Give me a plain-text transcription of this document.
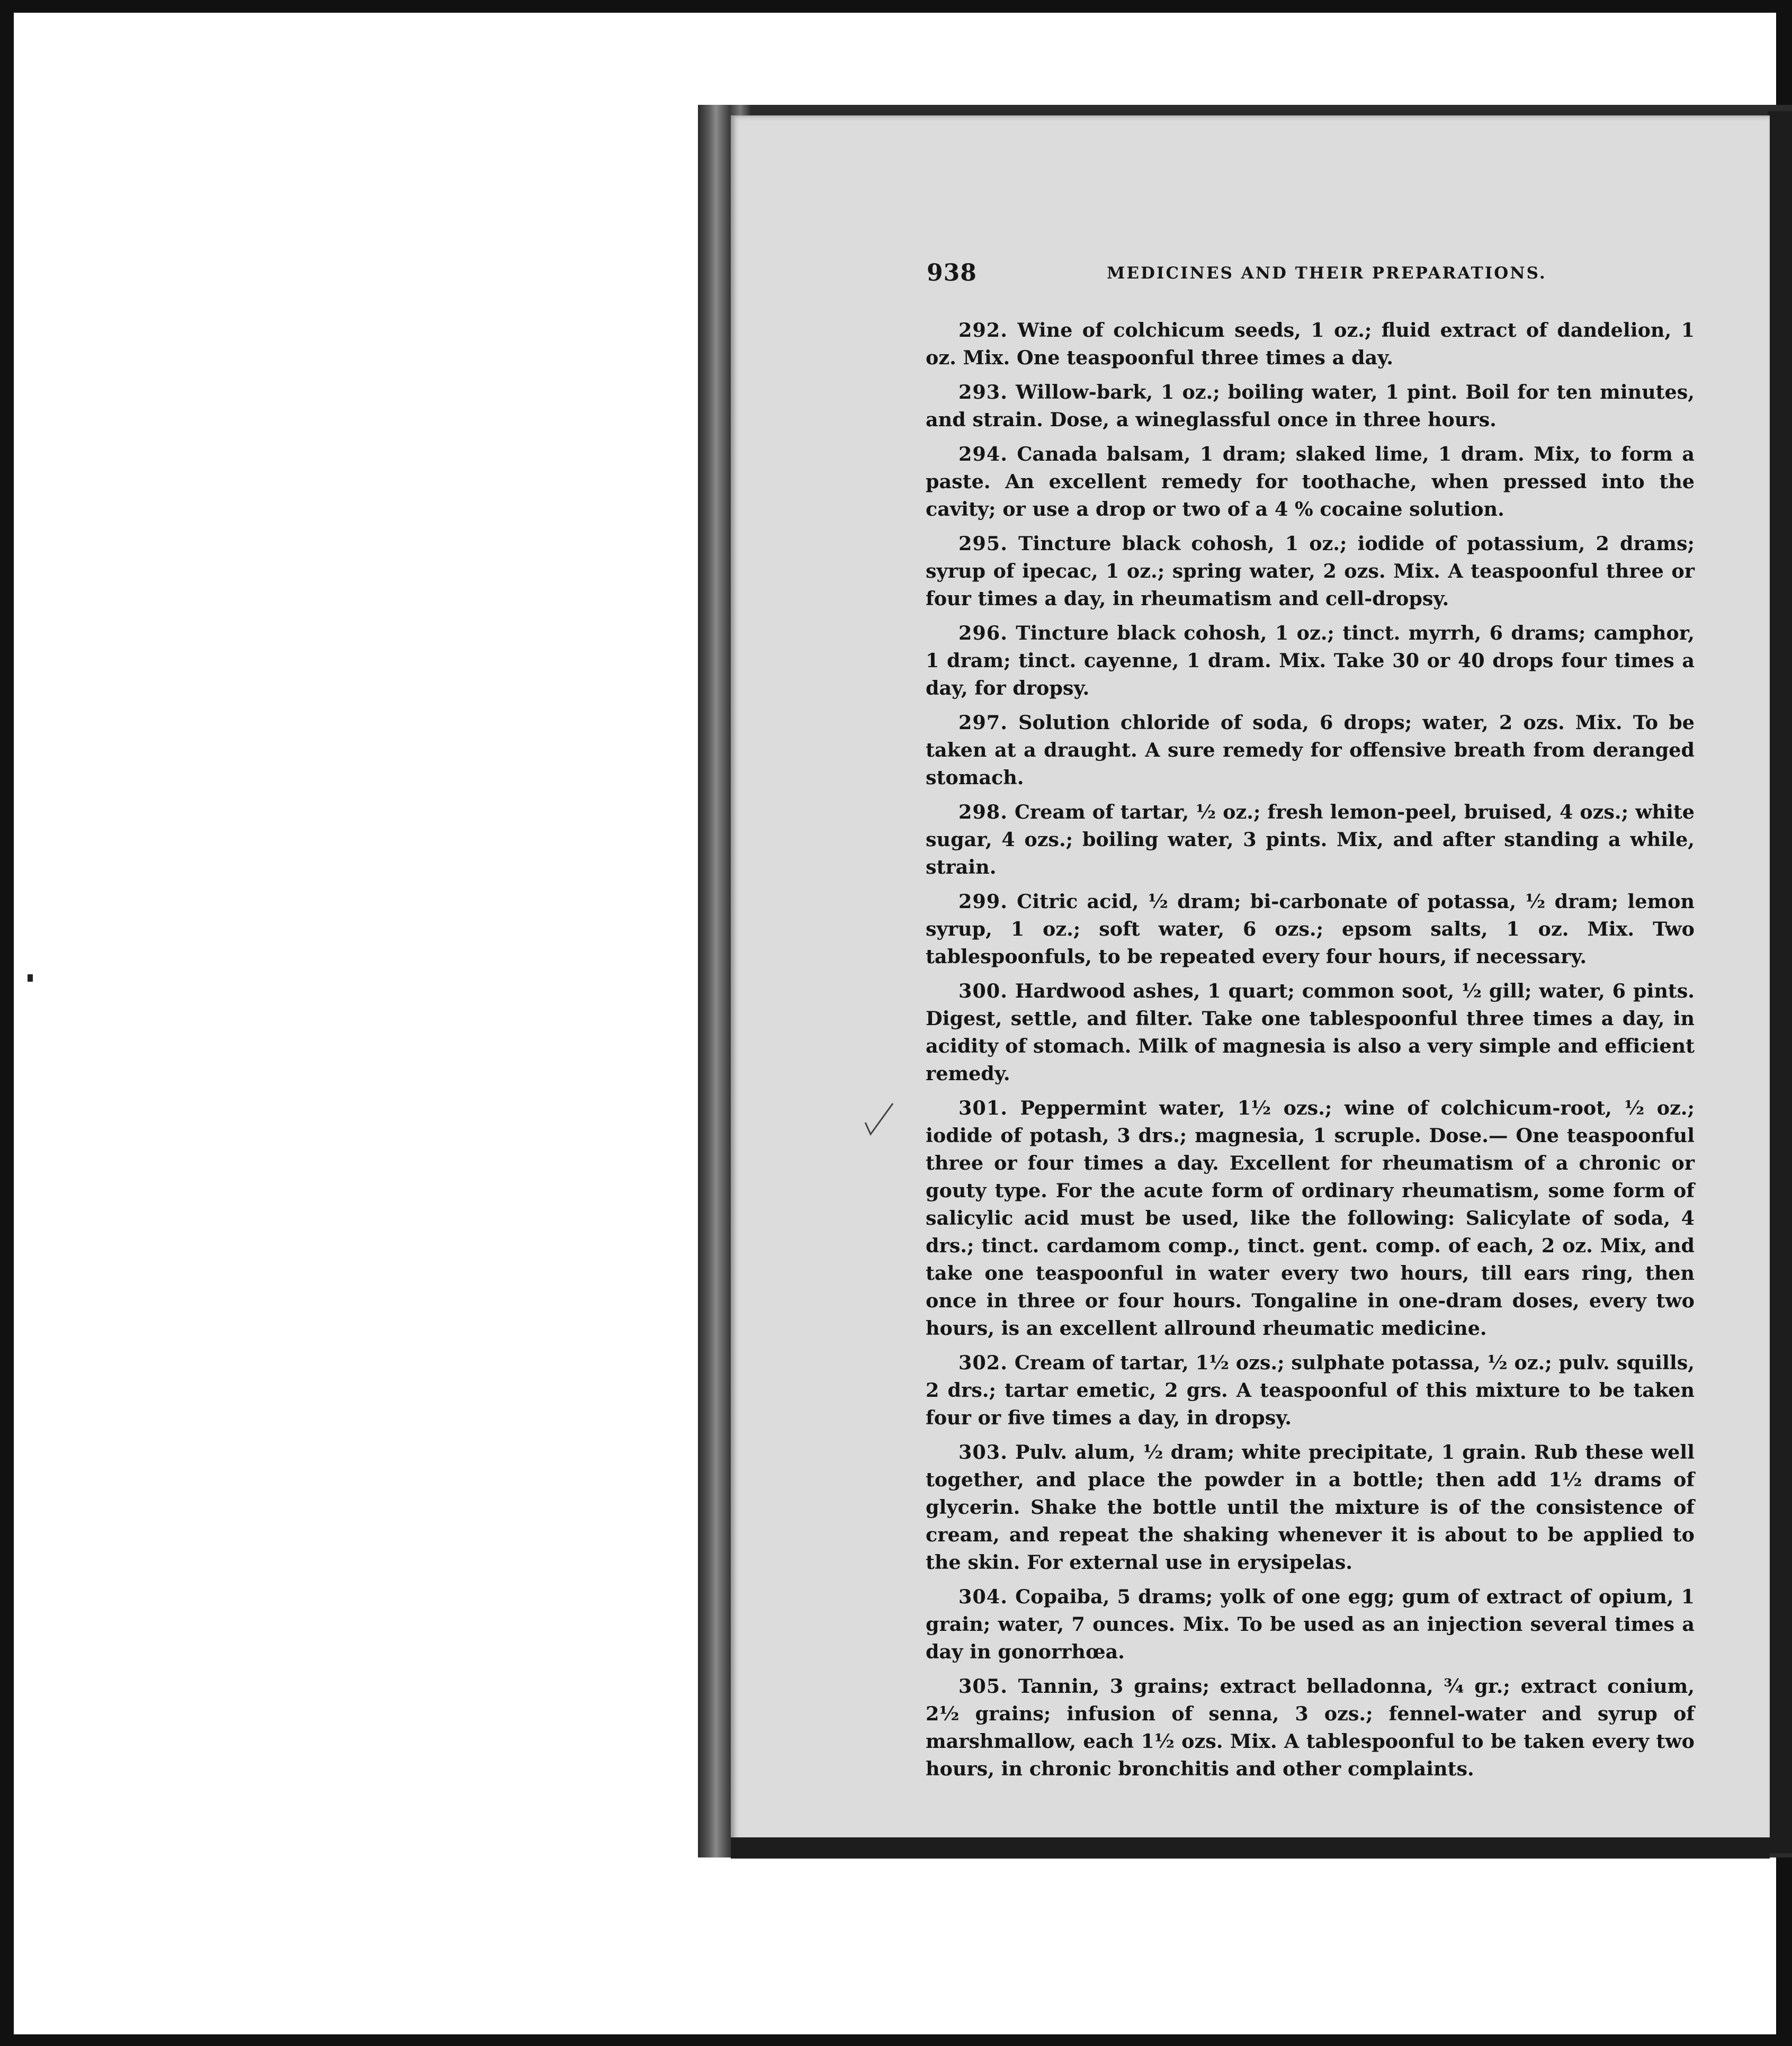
938	MEDICINES AND THEIR PREPARATIONS.

292. Wine of colchicum seeds, 1 oz.; fluid extract of dandelion, 1 oz. Mix. One teaspoonful three times a day.

293. Willow-bark, 1 oz.; boiling water, 1 pint. Boil for ten minutes, and strain. Dose, a wineglassful once in three hours.

294. Canada balsam, 1 dram; slaked lime, 1 dram. Mix, to form a paste. An excellent remedy for toothache, when pressed into the cavity; or use a drop or two of a 4 % cocaine solution.

295. Tincture black cohosh, 1 oz.; iodide of potassium, 2 drams; syrup of ipecac, 1 oz.; spring water, 2 ozs. Mix. A teaspoonful three or four times a day, in rheumatism and cell-dropsy.

296. Tincture black cohosh, 1 oz.; tinct. myrrh, 6 drams; camphor, 1 dram; tinct. cayenne, 1 dram. Mix. Take 30 or 40 drops four times a day, for dropsy.

297. Solution chloride of soda, 6 drops; water, 2 ozs. Mix. To be taken at a draught. A sure remedy for offensive breath from deranged stomach.

298. Cream of tartar, ½ oz.; fresh lemon-peel, bruised, 4 ozs.; white sugar, 4 ozs.; boiling water, 3 pints. Mix, and after standing a while, strain.

299. Citric acid, ½ dram; bi-carbonate of potassa, ½ dram; lemon syrup, 1 oz.; soft water, 6 ozs.; epsom salts, 1 oz. Mix. Two tablespoonfuls, to be repeated every four hours, if necessary.

300. Hardwood ashes, 1 quart; common soot, ½ gill; water, 6 pints. Digest, settle, and filter. Take one tablespoonful three times a day, in acidity of stomach. Milk of magnesia is also a very simple and efficient remedy.

301. Peppermint water, 1½ ozs.; wine of colchicum-root, ½ oz.; iodide of potash, 3 drs.; magnesia, 1 scruple. Dose.— One teaspoonful three or four times a day. Excellent for rheumatism of a chronic or gouty type. For the acute form of ordinary rheumatism, some form of salicylic acid must be used, like the following: Salicylate of soda, 4 drs.; tinct. cardamom comp., tinct. gent. comp. of each, 2 oz. Mix, and take one teaspoonful in water every two hours, till ears ring, then once in three or four hours. Tongaline in one-dram doses, every two hours, is an excellent allround rheumatic medicine.

302. Cream of tartar, 1½ ozs.; sulphate potassa, ½ oz.; pulv. squills, 2 drs.; tartar emetic, 2 grs. A teaspoonful of this mixture to be taken four or five times a day, in dropsy.

303. Pulv. alum, ½ dram; white precipitate, 1 grain. Rub these well together, and place the powder in a bottle; then add 1½ drams of glycerin. Shake the bottle until the mixture is of the consistence of cream, and repeat the shaking whenever it is about to be applied to the skin. For external use in erysipelas.

304. Copaiba, 5 drams; yolk of one egg; gum of extract of opium, 1 grain; water, 7 ounces. Mix. To be used as an injection several times a day in gonorrhœa.

305. Tannin, 3 grains; extract belladonna, ¾ gr.; extract conium, 2½ grains; infusion of senna, 3 ozs.; fennel-water and syrup of marshmallow, each 1½ ozs. Mix. A tablespoonful to be taken every two hours, in chronic bronchitis and other complaints.
